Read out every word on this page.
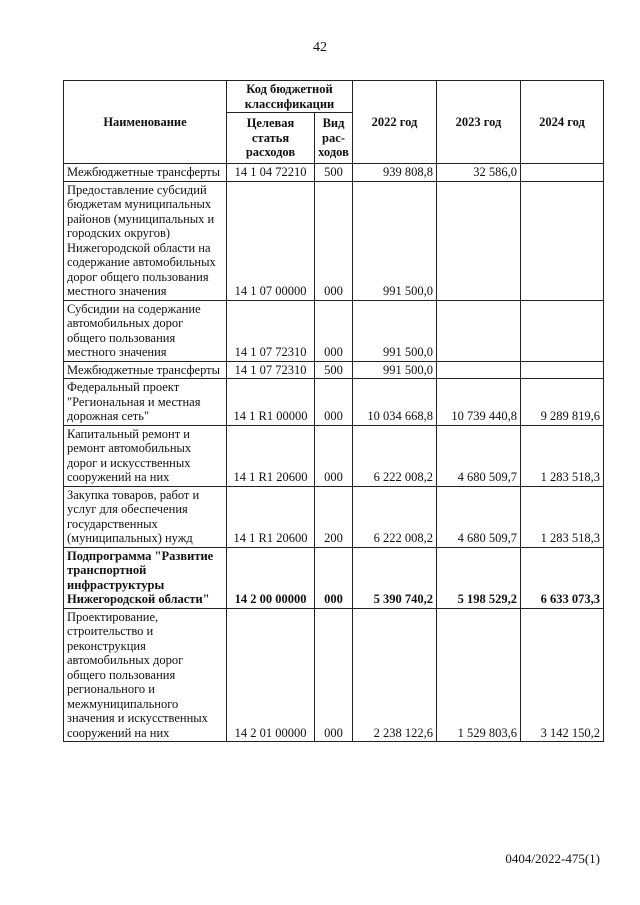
42
Наименование	Код бюджетной классификации		2022 год	2023 год	2024 год
	Целевая статья расходов	Вид рас-ходов			
Межбюджетные трансферты	14 1 04 72210	500	939 808,8	32 586,0	
Предоставление субсидий бюджетам муниципальных районов (муниципальных и городских округов) Нижегородской области на содержание автомобильных дорог общего пользования местного значения	14 1 07 00000	000	991 500,0		
Субсидии на содержание автомобильных дорог общего пользования местного значения	14 1 07 72310	000	991 500,0		
Межбюджетные трансферты	14 1 07 72310	500	991 500,0		
Федеральный проект "Региональная и местная дорожная сеть"	14 1 R1 00000	000	10 034 668,8	10 739 440,8	9 289 819,6
Капитальный ремонт и ремонт автомобильных дорог и искусственных сооружений на них	14 1 R1 20600	000	6 222 008,2	4 680 509,7	1 283 518,3
Закупка товаров, работ и услуг для обеспечения государственных (муниципальных) нужд	14 1 R1 20600	200	6 222 008,2	4 680 509,7	1 283 518,3
Подпрограмма "Развитие транспортной инфраструктуры Нижегородской области"	14 2 00 00000	000	5 390 740,2	5 198 529,2	6 633 073,3
Проектирование, строительство и реконструкция автомобильных дорог общего пользования регионального и межмуниципального значения и искусственных сооружений на них	14 2 01 00000	000	2 238 122,6	1 529 803,6	3 142 150,2
0404/2022-475(1)
